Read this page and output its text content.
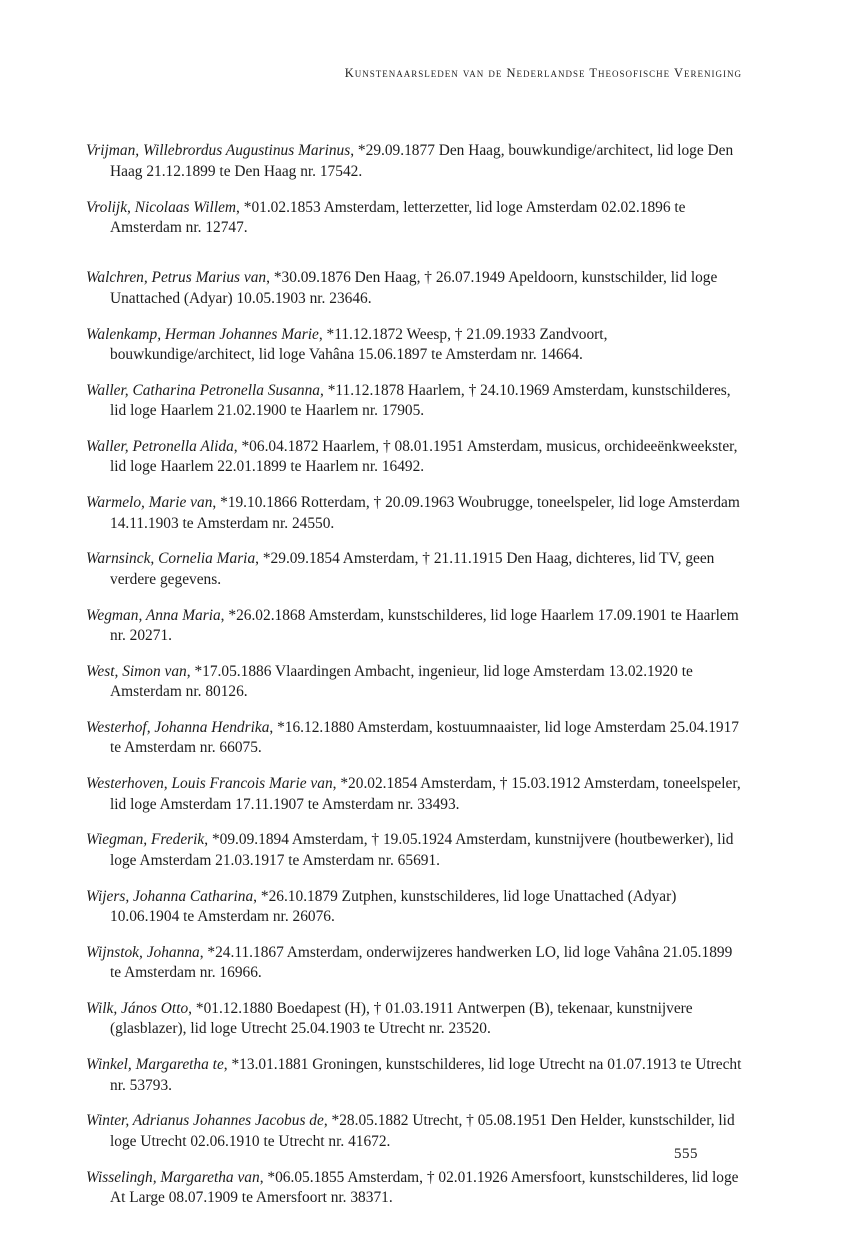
Kunstenaarsleden van de Nederlandse Theosofische Vereniging

Vrijman, Willebrordus Augustinus Marinus, *29.09.1877 Den Haag, bouwkundige/architect, lid loge Den Haag 21.12.1899 te Den Haag nr. 17542.

Vrolijk, Nicolaas Willem, *01.02.1853 Amsterdam, letterzetter, lid loge Amsterdam 02.02.1896 te Amsterdam nr. 12747.

Walchren, Petrus Marius van, *30.09.1876 Den Haag, † 26.07.1949 Apeldoorn, kunstschilder, lid loge Unattached (Adyar) 10.05.1903 nr. 23646.

Walenkamp, Herman Johannes Marie, *11.12.1872 Weesp, † 21.09.1933 Zandvoort, bouwkundige/architect, lid loge Vahâna 15.06.1897 te Amsterdam nr. 14664.

Waller, Catharina Petronella Susanna, *11.12.1878 Haarlem, † 24.10.1969 Amsterdam, kunstschilderes, lid loge Haarlem 21.02.1900 te Haarlem nr. 17905.

Waller, Petronella Alida, *06.04.1872 Haarlem, † 08.01.1951 Amsterdam, musicus, orchideeënkweekster, lid loge Haarlem 22.01.1899 te Haarlem nr. 16492.

Warmelo, Marie van, *19.10.1866 Rotterdam, † 20.09.1963 Woubrugge, toneelspeler, lid loge Amsterdam 14.11.1903 te Amsterdam nr. 24550.

Warnsinck, Cornelia Maria, *29.09.1854 Amsterdam, † 21.11.1915 Den Haag, dichteres, lid TV, geen verdere gegevens.

Wegman, Anna Maria, *26.02.1868 Amsterdam, kunstschilderes, lid loge Haarlem 17.09.1901 te Haarlem nr. 20271.

West, Simon van, *17.05.1886 Vlaardingen Ambacht, ingenieur, lid loge Amsterdam 13.02.1920 te Amsterdam nr. 80126.

Westerhof, Johanna Hendrika, *16.12.1880 Amsterdam, kostuumnaaister, lid loge Amsterdam 25.04.1917 te Amsterdam nr. 66075.

Westerhoven, Louis Francois Marie van, *20.02.1854 Amsterdam, † 15.03.1912 Amsterdam, toneelspeler, lid loge Amsterdam 17.11.1907 te Amsterdam nr. 33493.

Wiegman, Frederik, *09.09.1894 Amsterdam, † 19.05.1924 Amsterdam, kunstnijvere (houtbewerker), lid loge Amsterdam 21.03.1917 te Amsterdam nr. 65691.

Wijers, Johanna Catharina, *26.10.1879 Zutphen, kunstschilderes, lid loge Unattached (Adyar) 10.06.1904 te Amsterdam nr. 26076.

Wijnstok, Johanna, *24.11.1867 Amsterdam, onderwijzeres handwerken LO, lid loge Vahâna 21.05.1899 te Amsterdam nr. 16966.

Wilk, János Otto, *01.12.1880 Boedapest (H), † 01.03.1911 Antwerpen (B), tekenaar, kunstnijvere (glasblazer), lid loge Utrecht 25.04.1903 te Utrecht nr. 23520.

Winkel, Margaretha te, *13.01.1881 Groningen, kunstschilderes, lid loge Utrecht na 01.07.1913 te Utrecht nr. 53793.

Winter, Adrianus Johannes Jacobus de, *28.05.1882 Utrecht, † 05.08.1951 Den Helder, kunstschilder, lid loge Utrecht 02.06.1910 te Utrecht nr. 41672.

Wisselingh, Margaretha van, *06.05.1855 Amsterdam, † 02.01.1926 Amersfoort, kunstschilderes, lid loge At Large 08.07.1909 te Amersfoort nr. 38371.

555
